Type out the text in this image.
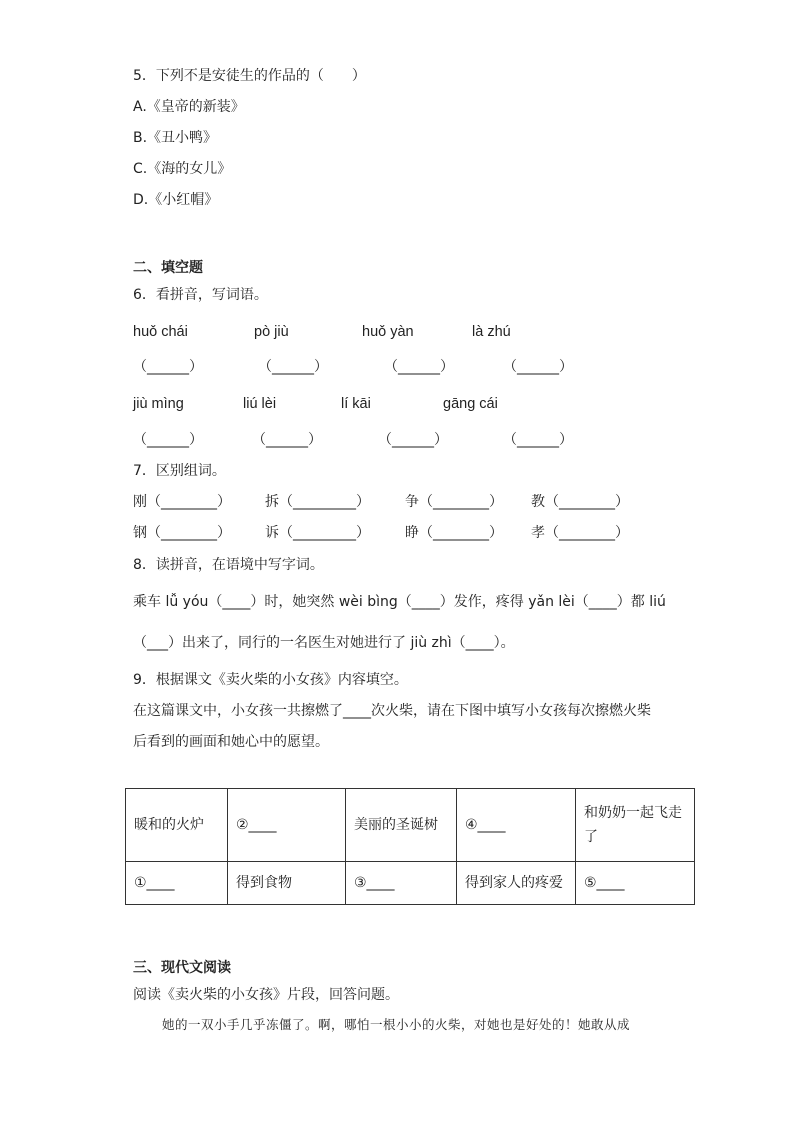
5．下列不是安徒生的作品的（　　）
A.《皇帝的新装》
B.《丑小鸭》
C.《海的女儿》
D.《小红帽》
二、填空题
6．看拼音，写词语。
huǒ chái	pò jiù	huǒ yàn	là zhú
（______）	（______）	（______）	（______）
jiù mìng	liú lèi	lí kāi	gāng cái
（______）	（______）	（______）	（______）
7．区别组词。
刚（________） 拆（_________）	争（________） 教（________）
钢（________） 诉（_________）	睁（________） 孝（________）
8．读拼音，在语境中写字词。
乘车 lǚ yóu（____）时，她突然 wèi bìng（____）发作，疼得 yǎn lèi（____）都 liú
（___）出来了，同行的一名医生对她进行了 jiù zhì（____）。
9．根据课文《卖火柴的小女孩》内容填空。
在这篇课文中，小女孩一共擦燃了____次火柴，请在下图中填写小女孩每次擦燃火柴
后看到的画面和她心中的愿望。
暖和的火炉	②____	美丽的圣诞树	④____	和奶奶一起飞走了
①____	得到食物	③____	得到家人的疼爱	⑤____
三、现代文阅读
阅读《卖火柴的小女孩》片段，回答问题。
她的一双小手几乎冻僵了。啊，哪怕一根小小的火柴，对她也是好处的！她敢从成
